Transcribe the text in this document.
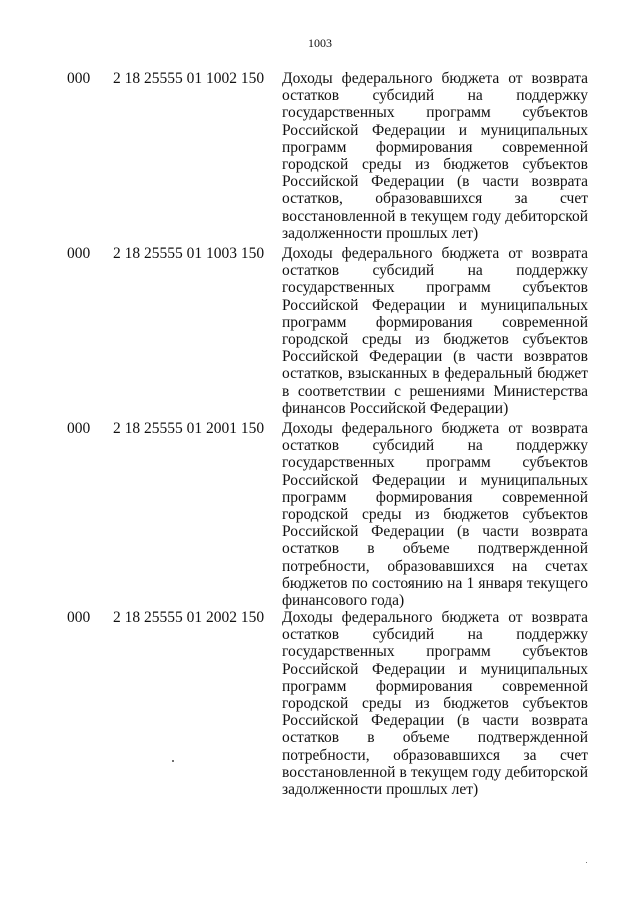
1003
000 2 18 25555 01 1002 150 Доходы федерального бюджета от возврата остатков субсидий на поддержку государственных программ субъектов Российской Федерации и муниципальных программ формирования современной городской среды из бюджетов субъектов Российской Федерации (в части возврата остатков, образовавшихся за счет восстановленной в текущем году дебиторской задолженности прошлых лет)
000 2 18 25555 01 1003 150 Доходы федерального бюджета от возврата остатков субсидий на поддержку государственных программ субъектов Российской Федерации и муниципальных программ формирования современной городской среды из бюджетов субъектов Российской Федерации (в части возвратов остатков, взысканных в федеральный бюджет в соответствии с решениями Министерства финансов Российской Федерации)
000 2 18 25555 01 2001 150 Доходы федерального бюджета от возврата остатков субсидий на поддержку государственных программ субъектов Российской Федерации и муниципальных программ формирования современной городской среды из бюджетов субъектов Российской Федерации (в части возврата остатков в объеме подтвержденной потребности, образовавшихся на счетах бюджетов по состоянию на 1 января текущего финансового года)
000 2 18 25555 01 2002 150 Доходы федерального бюджета от возврата остатков субсидий на поддержку государственных программ субъектов Российской Федерации и муниципальных программ формирования современной городской среды из бюджетов субъектов Российской Федерации (в части возврата остатков в объеме подтвержденной потребности, образовавшихся за счет восстановленной в текущем году дебиторской задолженности прошлых лет)
